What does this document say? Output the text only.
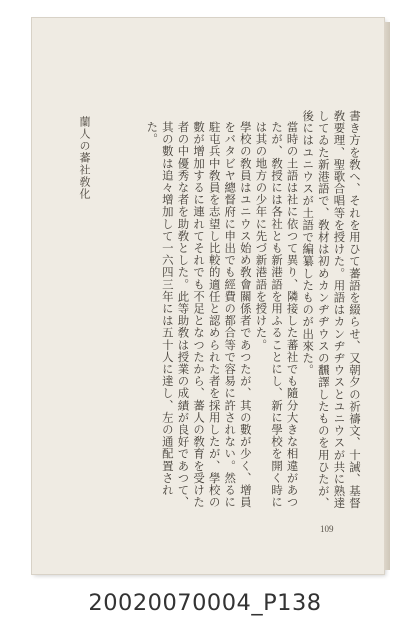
蘭人の蕃社敎化	書き方を敎へ、それを用ひて蕃語を綴らせ、又朝夕の祈禱文、十誡、基督敎要理、聖歌合唱等を授けた。用語はカンヂヂウスとユニウスが共に熟達してゐた新港語で、敎材は初めカンヂヂウスの飜譯したものを用ひたが、後にはユニウスが土語で編纂したものが出來た。

當時の土語は社に依つて異り、隣接した蕃社でも隨分大きな相違があつたが、敎授には各社とも新港語を用ふることにし、新に學校を開く時には其の地方の少年に先づ新港語を授けた。

學校の敎員はユニウス始め敎會關係者であつたが、其の數が少く、增員をバタビヤ總督府に申出でも經費の都合等で容易に許されない。然るに駐屯兵中敎員を志望し比較的適任と認められた者を採用したが、學校の數が增加するに連れてそれでも不足となつたから、蕃人の敎育を受けた者の中優秀な者を助敎とした。此等助敎は授業の成績が良好であつて、其の數は追々增加して一六四三年には五十人に達し、左の通配置された。

109
20020070004_P138
